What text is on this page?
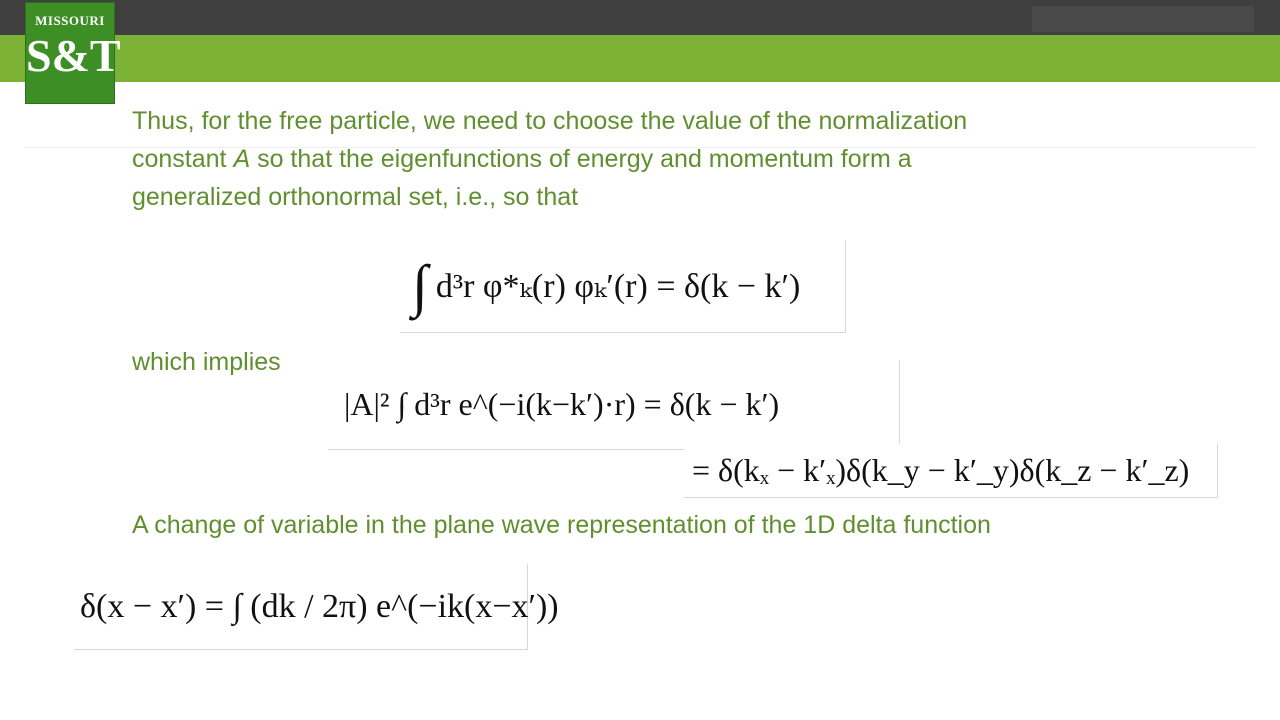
MISSOURI
S&T
Thus, for the free particle, we need to choose the value of the normalization
constant A so that the eigenfunctions of energy and momentum form a
generalized orthonormal set, i.e., so that
∫ d³r φ*ₖ(r) φₖ′(r) = δ(k − k′)
which implies
|A|² ∫ d³r e^(−i(k−k′)·r) = δ(k − k′)
= δ(kₓ − k′ₓ)δ(k_y − k′_y)δ(k_z − k′_z)
A change of variable in the plane wave representation of the 1D delta function
δ(x − x′) = ∫ (dk / 2π) e^(−ik(x−x′))
